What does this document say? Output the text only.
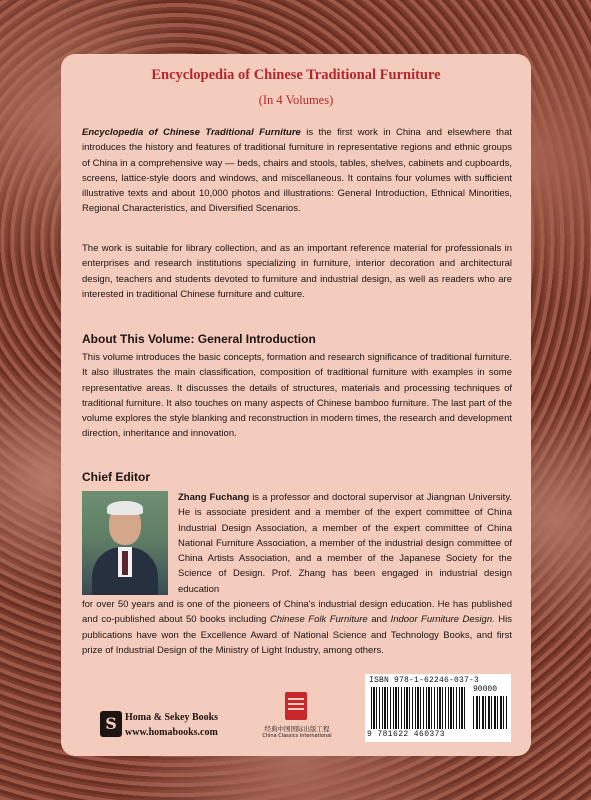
Encyclopedia of Chinese Traditional Furniture
(In 4 Volumes)

Encyclopedia of Chinese Traditional Furniture is the first work in China and elsewhere that introduces the history and features of traditional furniture in representative regions and ethnic groups of China in a comprehensive way — beds, chairs and stools, tables, shelves, cabinets and cupboards, screens, lattice-style doors and windows, and miscellaneous. It contains four volumes with sufficient illustrative texts and about 10,000 photos and illustrations: General Introduction, Ethnical Minorities, Regional Characteristics, and Diversified Scenarios.

The work is suitable for library collection, and as an important reference material for professionals in enterprises and research institutions specializing in furniture, interior decoration and architectural design, teachers and students devoted to furniture and industrial design, as well as readers who are interested in traditional Chinese furniture and culture.

About This Volume: General Introduction

This volume introduces the basic concepts, formation and research significance of traditional furniture. It also illustrates the main classification, composition of traditional furniture with examples in some representative areas. It discusses the details of structures, materials and processing techniques of traditional furniture. It also touches on many aspects of Chinese bamboo furniture. The last part of the volume explores the style blanking and reconstruction in modern times, the research and development direction, inheritance and innovation.

Chief Editor

Zhang Fuchang is a professor and doctoral supervisor at Jiangnan University. He is associate president and a member of the expert committee of China Industrial Design Association, a member of the expert committee of China National Furniture Association, a member of the industrial design committee of China Artists Association, and a member of the Japanese Society for the Science of Design. Prof. Zhang has been engaged in industrial design education

for over 50 years and is one of the pioneers of China's industrial design education. He has published and co-published about 50 books including Chinese Folk Furniture and Indoor Furniture Design. His publications have won the Excellence Award of National Science and Technology Books, and first prize of Industrial Design of the Ministry of Light Industry, among others.

S Homa & Sekey Books
www.homabooks.com	经典中国国际出版工程
China Classics International
ISBN 978-1-62246-037-3
90000
9 781622 460373
